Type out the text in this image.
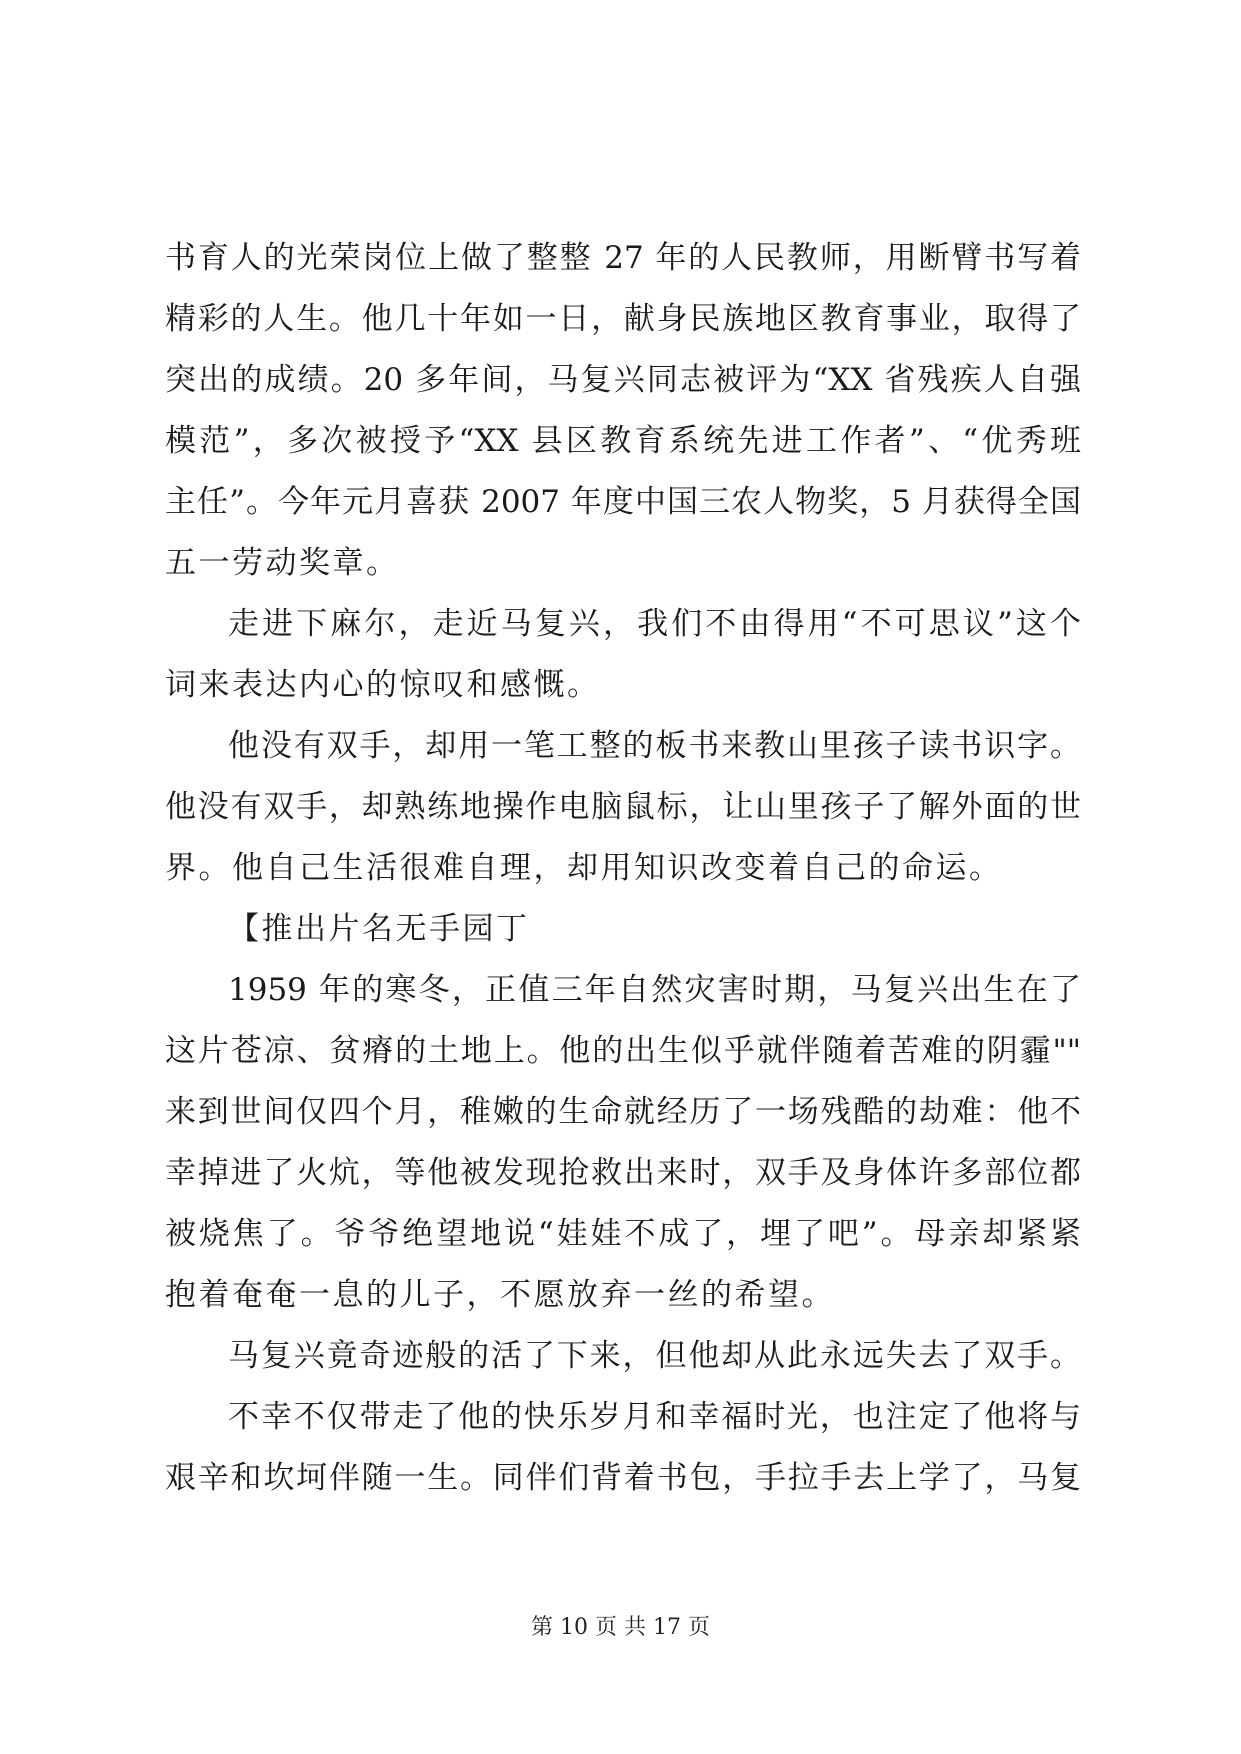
书育人的光荣岗位上做了整整 27 年的人民教师，用断臂书写着
精彩的人生。他几十年如一日，献身民族地区教育事业，取得了
突出的成绩。20 多年间，马复兴同志被评为“XX 省残疾人自强
模范”，多次被授予“XX 县区教育系统先进工作者”、“优秀班
主任”。今年元月喜获 2007 年度中国三农人物奖，5 月获得全国
五一劳动奖章。
走进下麻尔，走近马复兴，我们不由得用“不可思议”这个
词来表达内心的惊叹和感慨。
他没有双手，却用一笔工整的板书来教山里孩子读书识字。
他没有双手，却熟练地操作电脑鼠标，让山里孩子了解外面的世
界。他自己生活很难自理，却用知识改变着自己的命运。
【推出片名无手园丁
1959 年的寒冬，正值三年自然灾害时期，马复兴出生在了
这片苍凉、贫瘠的土地上。他的出生似乎就伴随着苦难的阴霾""
来到世间仅四个月，稚嫩的生命就经历了一场残酷的劫难：他不
幸掉进了火炕，等他被发现抢救出来时，双手及身体许多部位都
被烧焦了。爷爷绝望地说“娃娃不成了，埋了吧”。母亲却紧紧
抱着奄奄一息的儿子，不愿放弃一丝的希望。
马复兴竟奇迹般的活了下来，但他却从此永远失去了双手。
不幸不仅带走了他的快乐岁月和幸福时光，也注定了他将与
艰辛和坎坷伴随一生。同伴们背着书包，手拉手去上学了，马复
第 10 页 共 17 页
